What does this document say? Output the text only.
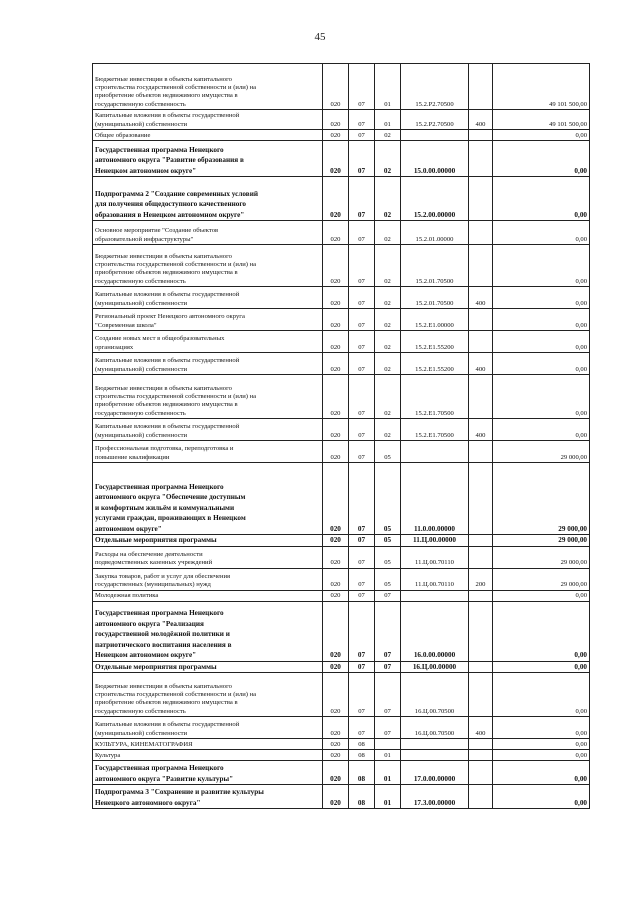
45
Бюджетные инвестиции в объекты капитального
строительства государственной собственности и (или) на
приобретение объектов недвижимого имущества в
государственную собственность	020	07	01	15.2.Р2.70500		49 101 500,00
Капитальные вложения в объекты государственной
(муниципальной) собственности	020	07	01	15.2.Р2.70500	400	49 101 500,00
Общее образование	020	07	02			0,00
Государственная программа Ненецкого
автономного округа "Развитие образования в
Ненецком автономном округе"	020	07	02	15.0.00.00000		0,00
Подпрограмма 2 "Создание современных условий
для получения общедоступного качественного
образования в Ненецком автономном округе"	020	07	02	15.2.00.00000		0,00
Основное мероприятие "Создание объектов
образовательной инфраструктуры"	020	07	02	15.2.01.00000		0,00
Бюджетные инвестиции в объекты капитального
строительства государственной собственности и (или) на
приобретение объектов недвижимого имущества в
государственную собственность	020	07	02	15.2.01.70500		0,00
Капитальные вложения в объекты государственной
(муниципальной) собственности	020	07	02	15.2.01.70500	400	0,00
Региональный проект Ненецкого автономного округа
"Современная школа"	020	07	02	15.2.Е1.00000		0,00
Создание новых мест в общеобразовательных
организациях	020	07	02	15.2.Е1.55200		0,00
Капитальные вложения в объекты государственной
(муниципальной) собственности	020	07	02	15.2.Е1.55200	400	0,00
Бюджетные инвестиции в объекты капитального
строительства государственной собственности и (или) на
приобретение объектов недвижимого имущества в
государственную собственность	020	07	02	15.2.Е1.70500		0,00
Капитальные вложения в объекты государственной
(муниципальной) собственности	020	07	02	15.2.Е1.70500	400	0,00
Профессиональная подготовка, переподготовка и
повышение квалификации	020	07	05			29 000,00
Государственная программа Ненецкого
автономного округа "Обеспечение доступным
и комфортным жильём и коммунальными
услугами граждан, проживающих в Ненецком
автономном округе"	020	07	05	11.0.00.00000		29 000,00
Отдельные мероприятия программы	020	07	05	11.Ц.00.00000		29 000,00
Расходы на обеспечение деятельности
подведомственных казенных учреждений	020	07	05	11.Ц.00.70110		29 000,00
Закупка товаров, работ и услуг для обеспечения
государственных (муниципальных) нужд	020	07	05	11.Ц.00.70110	200	29 000,00
Молодежная политика	020	07	07			0,00
Государственная программа Ненецкого
автономного округа "Реализация
государственной молодёжной политики и
патриотического воспитания населения в
Ненецком автономном округе"	020	07	07	16.0.00.00000		0,00
Отдельные мероприятия программы	020	07	07	16.Ц.00.00000		0,00
Бюджетные инвестиции в объекты капитального
строительства государственной собственности и (или) на
приобретение объектов недвижимого имущества в
государственную собственность	020	07	07	16.Ц.00.70500		0,00
Капитальные вложения в объекты государственной
(муниципальной) собственности	020	07	07	16.Ц.00.70500	400	0,00
КУЛЬТУРА, КИНЕМАТОГРАФИЯ	020	08				0,00
Культура	020	08	01			0,00
Государственная программа Ненецкого
автономного округа "Развитие культуры"	020	08	01	17.0.00.00000		0,00
Подпрограмма 3 "Сохранение и развитие культуры
Ненецкого автономного округа"	020	08	01	17.3.00.00000		0,00
